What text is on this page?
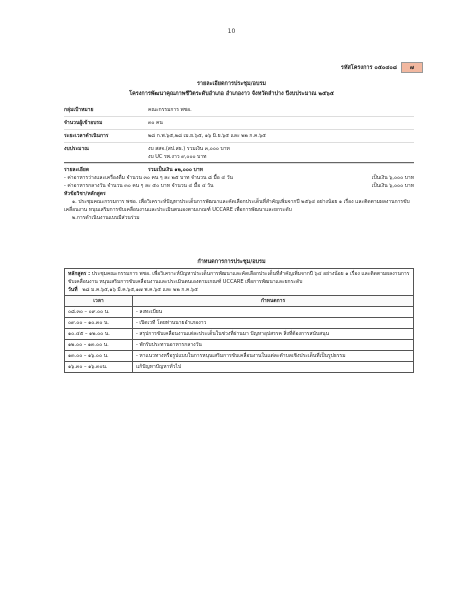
10
รหัสโครงการ ๐๕๐๔๐๘	๗
รายละเอียดการประชุม/อบรม
โครงการพัฒนาคุณภาพชีวิตระดับอำเภอ อำเภองาว จังหวัดลำปาง ปีงบประมาณ ๒๕๖๕
กลุ่มเป้าหมาย	คณะกรรมการ พชอ.
จำนวนผู้เข้าอบรม	๓๐ คน
ระยะเวลาดำเนินการ	๒๘ ก.พ.๖๕,๒๘ เม.ย.๖๕, ๑๖ มิ.ย.๖๕ และ ๒๒ ก.ค.๖๕
งบประมาณ	งบ สสจ.(สป.สธ.) รวมเงิน ๓,๐๐๐ บาท
งบ UC รพ.งาว ๙,๐๐๐ บาท
รวมเป็นเงิน ๑๒,๐๐๐ บาท
รายละเอียด
- ค่าอาหารว่างและเครื่องดื่ม จำนวน ๓๐ คน ๆ ละ ๒๕ บาท จำนวน ๘ มื้อ ๔ วัน	เป็นเงิน ๖,๐๐๐ บาท
- ค่าอาหารกลางวัน จำนวน ๓๐ คน ๆ ละ ๕๐ บาท จำนวน ๔ มื้อ ๔ วัน	เป็นเงิน ๖,๐๐๐ บาท
หัวข้อวิชา/หลักสูตร
๑. ประชุมคณะกรรมการ พชอ. เพื่อวิเคราะห์ปัญหาประเด็นการพัฒนาและคัดเลือกประเด็นที่สำคัญเพิ่มจากปี ๒๕๖๔ อย่างน้อย ๑ เรื่อง และติดตามผลงานการขับเคลื่อนงาน หนุนเสริมการขับเคลื่อนงานและประเมินตนเองตามเกณฑ์ UCCARE เพื่อการพัฒนาและยกระดับ
๒.การดำเนินงานแบบมีส่วนร่วม
กำหนดการการประชุม/อบรม
หลักสูตร : ประชุมคณะกรรมการ พชอ. เพื่อวิเคราะห์ปัญหาประเด็นการพัฒนาและคัดเลือกประเด็นที่สำคัญเพิ่มจากปี ๖๔ อย่างน้อย ๑ เรื่อง และติดตามผลงานการขับเคลื่อนงาน หนุนเสริมการขับเคลื่อนงานและประเมินตนเองตามเกณฑ์ UCCARE เพื่อการพัฒนาและยกระดับ
วันที่ ๒๘ ม.ค.๖๕,๑๖ มี.ค.๖๕,๑๗ พ.ค.๖๕ และ ๒๒ ก.ค.๖๕	
เวลา	กำหนดการ
๐๘.๓๐ – ๐๙.๐๐ น.	- ลงทะเบียน
๐๙.๐๐ – ๑๐.๓๐ น.	- เปิดเวที โดยท่านนายอำเภองาว
๑๐.๔๕ – ๑๒.๐๐ น.	- สรุปการขับเคลื่อนงานแต่ละประเด็นในช่วงที่ผ่านมา ปัญหาอุปสรรค สิ่งที่ต้องการสนับสนุน
๑๒.๐๐ – ๑๓.๐๐ น.	- พักรับประทานอาหารกลางวัน
๑๓.๐๐ – ๑๖.๐๐ น.	- หาแนวทางหรือรูปแบบในการหนุนเสริมการขับเคลื่อนงานในแต่ละตำบลเชิงประเด็นที่เป็นรูปธรรม
๑๖.๓๐ – ๑๖.๓๐น.	แก้ปัญหาปัญหาทั่วไป
